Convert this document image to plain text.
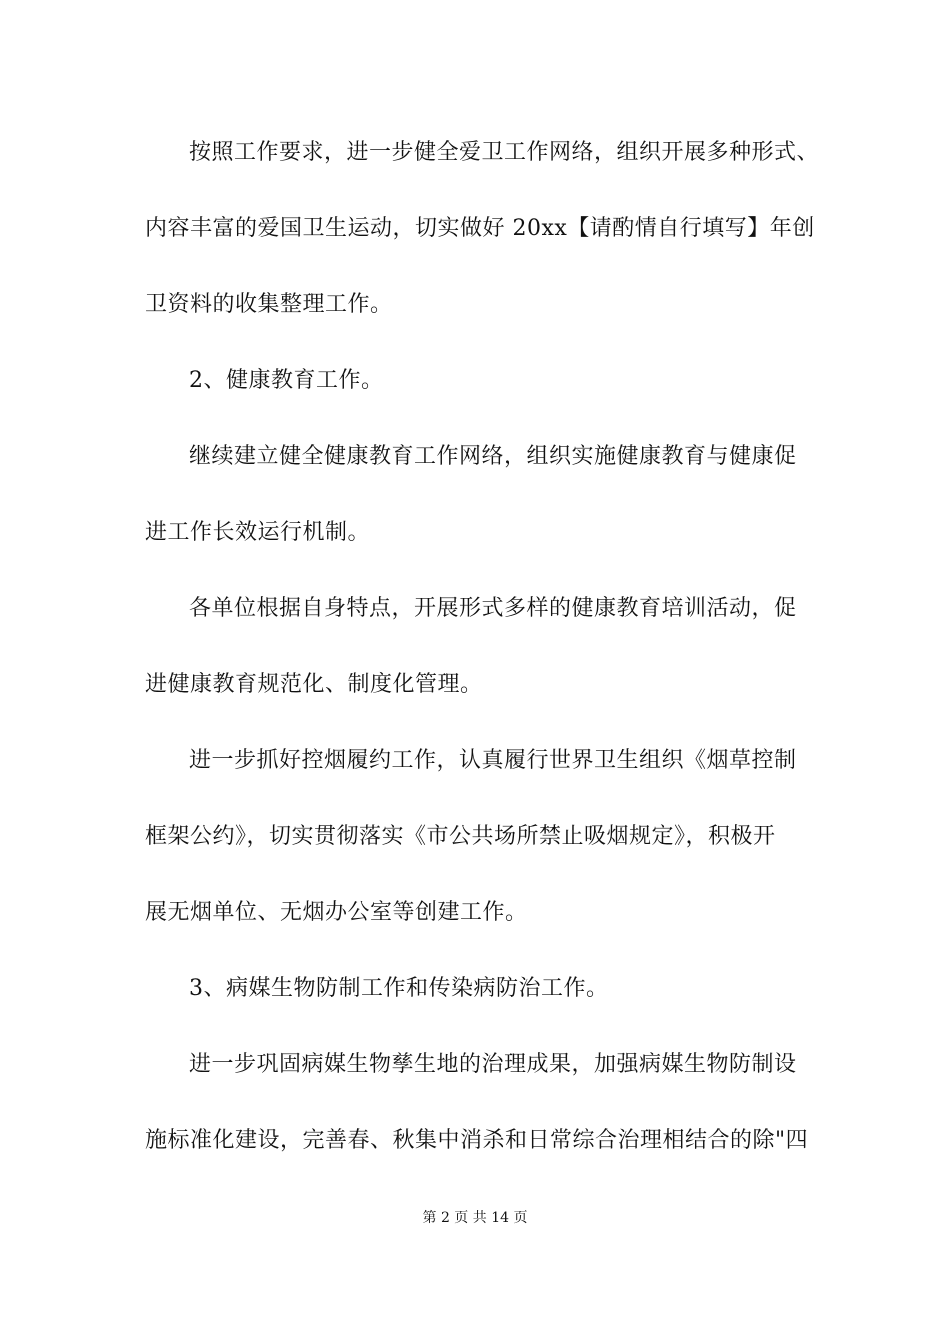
按照工作要求，进一步健全爱卫工作网络，组织开展多种形式、
内容丰富的爱国卫生运动，切实做好 20xx【请酌情自行填写】年创
卫资料的收集整理工作。
2、健康教育工作。
继续建立健全健康教育工作网络，组织实施健康教育与健康促
进工作长效运行机制。
各单位根据自身特点，开展形式多样的健康教育培训活动，促
进健康教育规范化、制度化管理。
进一步抓好控烟履约工作，认真履行世界卫生组织《烟草控制
框架公约》，切实贯彻落实《市公共场所禁止吸烟规定》，积极开
展无烟单位、无烟办公室等创建工作。
3、病媒生物防制工作和传染病防治工作。
进一步巩固病媒生物孳生地的治理成果，加强病媒生物防制设
施标准化建设，完善春、秋集中消杀和日常综合治理相结合的除"四
第 2 页 共 14 页
